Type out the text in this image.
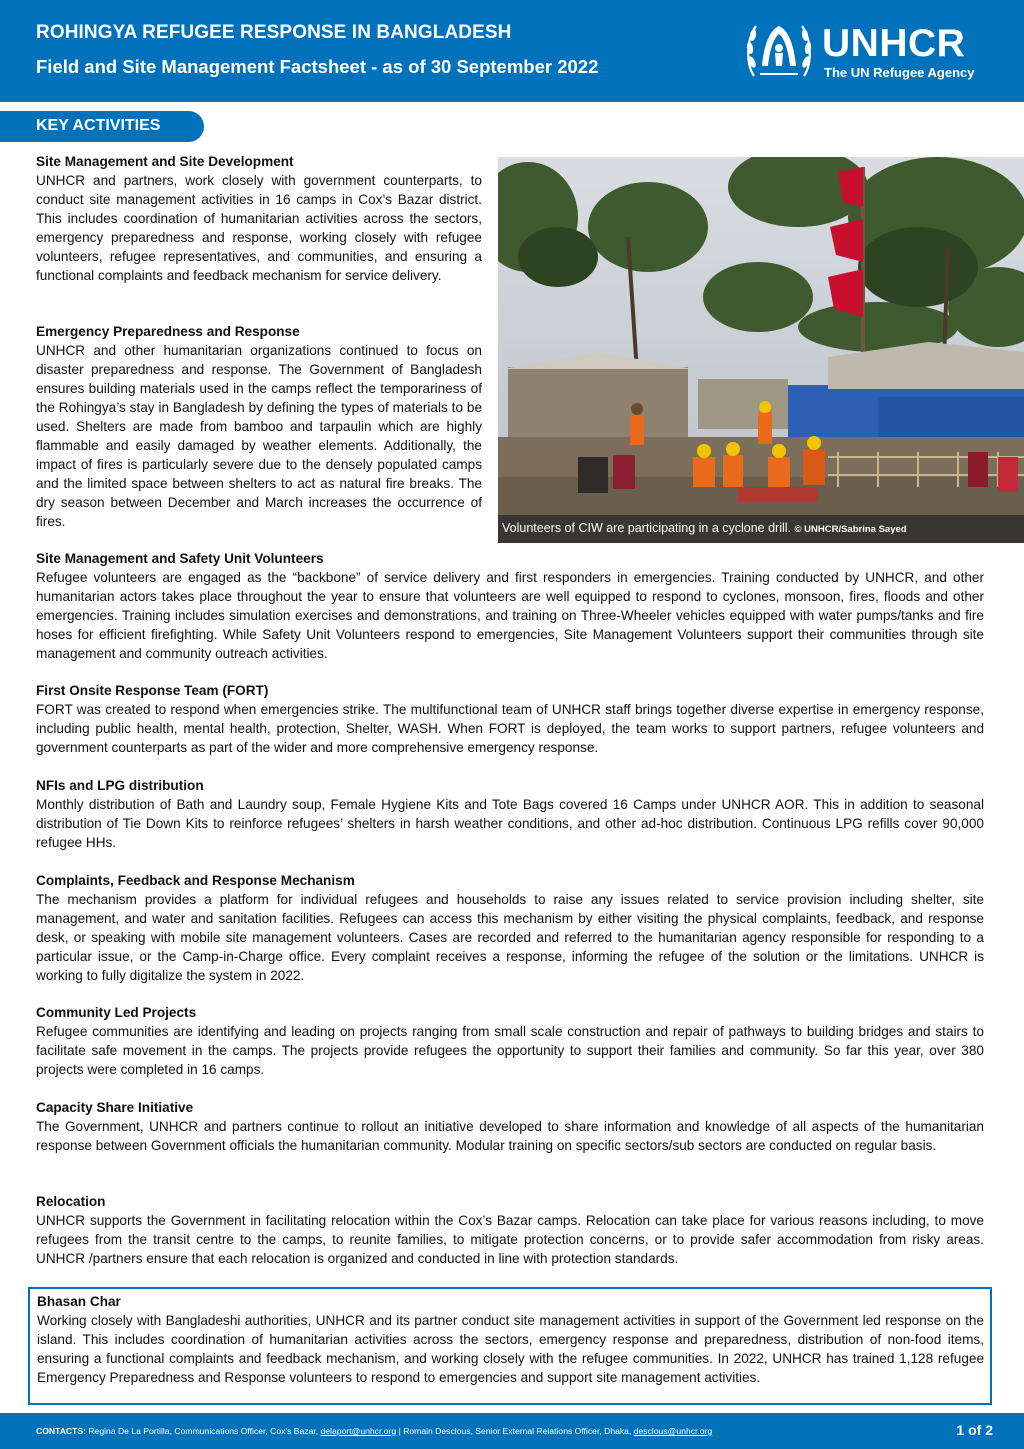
ROHINGYA REFUGEE RESPONSE IN BANGLADESH
Field and Site Management Factsheet - as of 30 September 2022
UNHCR
The UN Refugee Agency
KEY ACTIVITIES
Site Management and Site Development

UNHCR and partners, work closely with government counterparts, to conduct site management activities in 16 camps in Cox’s Bazar district. This includes coordination of humanitarian activities across the sectors, emergency preparedness and response, working closely with refugee volunteers, refugee representatives, and communities, and ensuring a functional complaints and feedback mechanism for service delivery.

Emergency Preparedness and Response

UNHCR and other humanitarian organizations continued to focus on disaster preparedness and response. The Government of Bangladesh ensures building materials used in the camps reflect the temporariness of the Rohingya’s stay in Bangladesh by defining the types of materials to be used. Shelters are made from bamboo and tarpaulin which are highly flammable and easily damaged by weather elements. Additionally, the impact of fires is particularly severe due to the densely populated camps and the limited space between shelters to act as natural fire breaks. The dry season between December and March increases the occurrence of fires.	Volunteers of CIW are participating in a cyclone drill. © UNHCR/Sabrina Sayed
Site Management and Safety Unit Volunteers

Refugee volunteers are engaged as the “backbone” of service delivery and first responders in emergencies. Training conducted by UNHCR, and other humanitarian actors takes place throughout the year to ensure that volunteers are well equipped to respond to cyclones, monsoon, fires, floods and other emergencies. Training includes simulation exercises and demonstrations, and training on Three-Wheeler vehicles equipped with water pumps/tanks and fire hoses for efficient firefighting. While Safety Unit Volunteers respond to emergencies, Site Management Volunteers support their communities through site management and community outreach activities.

First Onsite Response Team (FORT)

FORT was created to respond when emergencies strike. The multifunctional team of UNHCR staff brings together diverse expertise in emergency response, including public health, mental health, protection, Shelter, WASH. When FORT is deployed, the team works to support partners, refugee volunteers and government counterparts as part of the wider and more comprehensive emergency response.

NFIs and LPG distribution

Monthly distribution of Bath and Laundry soup, Female Hygiene Kits and Tote Bags covered 16 Camps under UNHCR AOR. This in addition to seasonal distribution of Tie Down Kits to reinforce refugees’ shelters in harsh weather conditions, and other ad-hoc distribution. Continuous LPG refills cover 90,000 refugee HHs.

Complaints, Feedback and Response Mechanism

The mechanism provides a platform for individual refugees and households to raise any issues related to service provision including shelter, site management, and water and sanitation facilities. Refugees can access this mechanism by either visiting the physical complaints, feedback, and response desk, or speaking with mobile site management volunteers. Cases are recorded and referred to the humanitarian agency responsible for responding to a particular issue, or the Camp-in-Charge office. Every complaint receives a response, informing the refugee of the solution or the limitations. UNHCR is working to fully digitalize the system in 2022.

Community Led Projects

Refugee communities are identifying and leading on projects ranging from small scale construction and repair of pathways to building bridges and stairs to facilitate safe movement in the camps. The projects provide refugees the opportunity to support their families and community. So far this year, over 380 projects were completed in 16 camps.

Capacity Share Initiative

The Government, UNHCR and partners continue to rollout an initiative developed to share information and knowledge of all aspects of the humanitarian response between Government officials the humanitarian community. Modular training on specific sectors/sub sectors are conducted on regular basis.

Relocation

UNHCR supports the Government in facilitating relocation within the Cox’s Bazar camps. Relocation can take place for various reasons including, to move refugees from the transit centre to the camps, to reunite families, to mitigate protection concerns, or to provide safer accommodation from risky areas. UNHCR /partners ensure that each relocation is organized and conducted in line with protection standards.

Bhasan Char

Working closely with Bangladeshi authorities, UNHCR and its partner conduct site management activities in support of the Government led response on the island. This includes coordination of humanitarian activities across the sectors, emergency response and preparedness, distribution of non-food items, ensuring a functional complaints and feedback mechanism, and working closely with the refugee communities. In 2022, UNHCR has trained 1,128 refugee Emergency Preparedness and Response volunteers to respond to emergencies and support site management activities.

CONTACTS: Regina De La Portilla, Communications Officer, Cox's Bazar, delaport@unhcr.org | Romain Desclous, Senior External Relations Officer, Dhaka, desclous@unhcr.org	1 of 2
